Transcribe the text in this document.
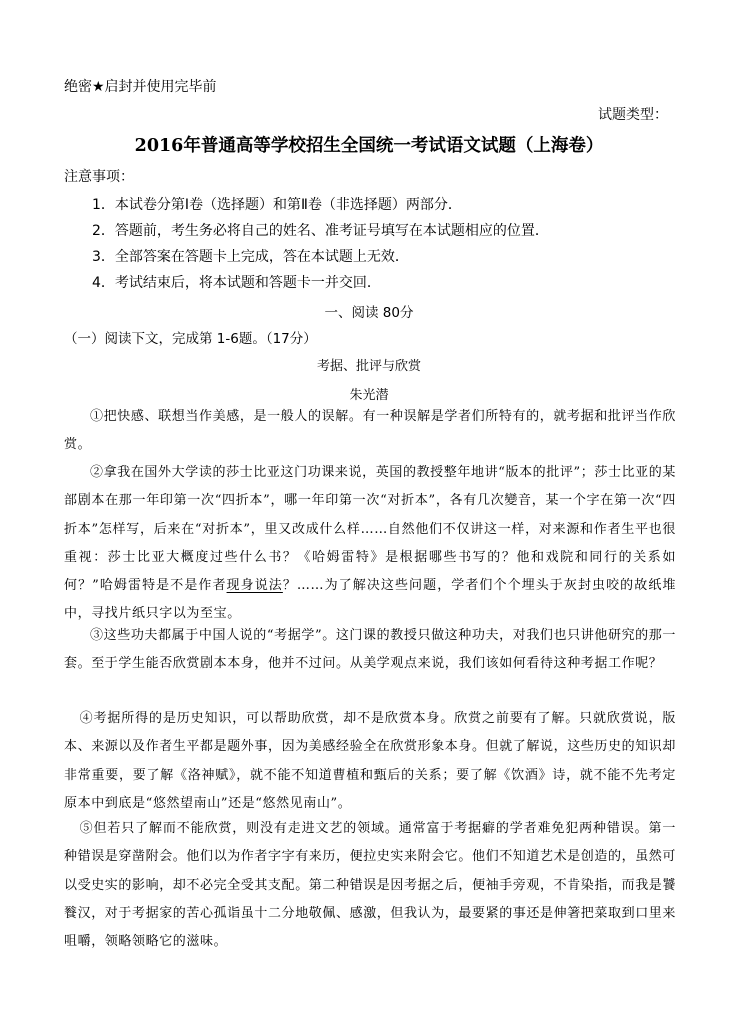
绝密★启封并使用完毕前
试题类型：
2016年普通高等学校招生全国统一考试语文试题（上海卷）
注意事项：
1．本试卷分第Ⅰ卷（选择题）和第Ⅱ卷（非选择题）两部分．
2．答题前，考生务必将自己的姓名、准考证号填写在本试题相应的位置．
3．全部答案在答题卡上完成，答在本试题上无效．
4．考试结束后，将本试题和答题卡一并交回．
一、阅读 80分
（一）阅读下文，完成第 1-6题。（17分）
考据、批评与欣赏
朱光潜
①把快感、联想当作美感，是一般人的误解。有一种误解是学者们所特有的，就考据和批评当作欣赏。
②拿我在国外大学读的莎士比亚这门功课来说，英国的教授整年地讲“版本的批评”；莎士比亚的某部剧本在那一年印第一次“四折本”，哪一年印第一次“对折本”，各有几次變音，某一个字在第一次“四折本”怎样写，后来在“对折本”，里又改成什么样……自然他们不仅讲这一样，对来源和作者生平也很重视：莎士比亚大概度过些什么书？《哈姆雷特》是根据哪些书写的？他和戏院和同行的关系如何？”哈姆雷特是不是作者现身说法？……为了解决这些问题，学者们个个埋头于灰封虫咬的故纸堆中，寻找片纸只字以为至宝。
③这些功夫都属于中国人说的“考据学”。这门课的教授只做这种功夫，对我们也只讲他研究的那一套。至于学生能否欣赏剧本本身，他并不过问。从美学观点来说，我们该如何看待这种考据工作呢？
④考据所得的是历史知识，可以帮助欣赏，却不是欣赏本身。欣赏之前要有了解。只就欣赏说，版本、来源以及作者生平都是题外事，因为美感经验全在欣赏形象本身。但就了解说，这些历史的知识却非常重要，要了解《洛神赋》，就不能不知道曹植和甄后的关系；要了解《饮酒》诗，就不能不先考定原本中到底是“悠然望南山”还是“悠然见南山”。
⑤但若只了解而不能欣赏，则没有走进文艺的领域。通常富于考据癖的学者难免犯两种错误。第一种错误是穿凿附会。他们以为作者字字有来历，便拉史实来附会它。他们不知道艺术是创造的，虽然可以受史实的影响，却不必完全受其支配。第二种错误是因考据之后，便袖手旁观，不肯染指，而我是饕餮汉，对于考据家的苦心孤诣虽十二分地敬佩、感激，但我认为，最要紧的事还是伸箸把菜取到口里来咀嚼，领略领略它的滋味。
